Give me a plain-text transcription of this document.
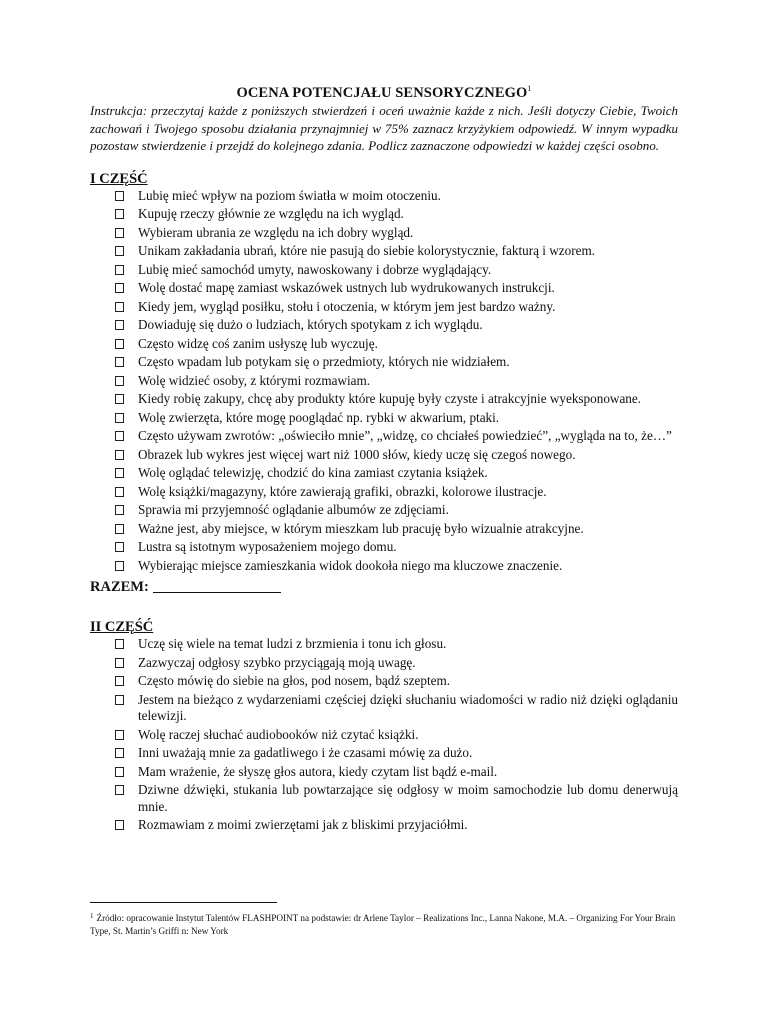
OCENA POTENCJAŁU SENSORYCZNEGO$^1$

Instrukcja: przeczytaj każde z poniższych stwierdzeń i oceń uważnie każde z nich. Jeśli dotyczy Ciebie, Twoich zachowań i Twojego sposobu działania przynajmniej w 75% zaznacz krzyżykiem odpowiedź. W innym wypadku pozostaw stwierdzenie i przejdź do kolejnego zdania. Podlicz zaznaczone odpowiedzi w każdej części osobno.

I CZĘŚĆ
Lubię mieć wpływ na poziom światła w moim otoczeniu.
Kupuję rzeczy głównie ze względu na ich wygląd.
Wybieram ubrania ze względu na ich dobry wygląd.
Unikam zakładania ubrań, które nie pasują do siebie kolorystycznie, fakturą i wzorem.
Lubię mieć samochód umyty, nawoskowany i dobrze wyglądający.
Wolę dostać mapę zamiast wskazówek ustnych lub wydrukowanych instrukcji.
Kiedy jem, wygląd posiłku, stołu i otoczenia, w którym jem jest bardzo ważny.
Dowiaduję się dużo o ludziach, których spotykam z ich wyglądu.
Często widzę coś zanim usłyszę lub wyczuję.
Często wpadam lub potykam się o przedmioty, których nie widziałem.
Wolę widzieć osoby, z którymi rozmawiam.
Kiedy robię zakupy, chcę aby produkty które kupuję były czyste i atrakcyjnie wyeksponowane.
Wolę zwierzęta, które mogę pooglądać np. rybki w akwarium, ptaki.
Często używam zwrotów: „oświeciło mnie”, „widzę, co chciałeś powiedzieć”, „wygląda na to, że…”
Obrazek lub wykres jest więcej wart niż 1000 słów, kiedy uczę się czegoś nowego.
Wolę oglądać telewizję, chodzić do kina zamiast czytania książek.
Wolę książki/magazyny, które zawierają grafiki, obrazki, kolorowe ilustracje.
Sprawia mi przyjemność oglądanie albumów ze zdjęciami.
Ważne jest, aby miejsce, w którym mieszkam lub pracuję było wizualnie atrakcyjne.
Lustra są istotnym wyposażeniem mojego domu.
Wybierając miejsce zamieszkania widok dookoła niego ma kluczowe znaczenie.
RAZEM:
II CZĘŚĆ
Uczę się wiele na temat ludzi z brzmienia i tonu ich głosu.
Zazwyczaj odgłosy szybko przyciągają moją uwagę.
Często mówię do siebie na głos, pod nosem, bądź szeptem.
Jestem na bieżąco z wydarzeniami częściej dzięki słuchaniu wiadomości w radio niż dzięki oglądaniu telewizji.
Wolę raczej słuchać audiobooków niż czytać książki.
Inni uważają mnie za gadatliwego i że czasami mówię za dużo.
Mam wrażenie, że słyszę głos autora, kiedy czytam list bądź e-mail.
Dziwne dźwięki, stukania lub powtarzające się odgłosy w moim samochodzie lub domu denerwują mnie.
Rozmawiam z moimi zwierzętami jak z bliskimi przyjaciółmi.
$^1$ Źródło: opracowanie Instytut Talentów FLASHPOINT na podstawie: dr Arlene Taylor – Realizations Inc., Lanna Nakone, M.A. – Organizing For Your Brain Type, St. Martin’s Griffi n: New York
